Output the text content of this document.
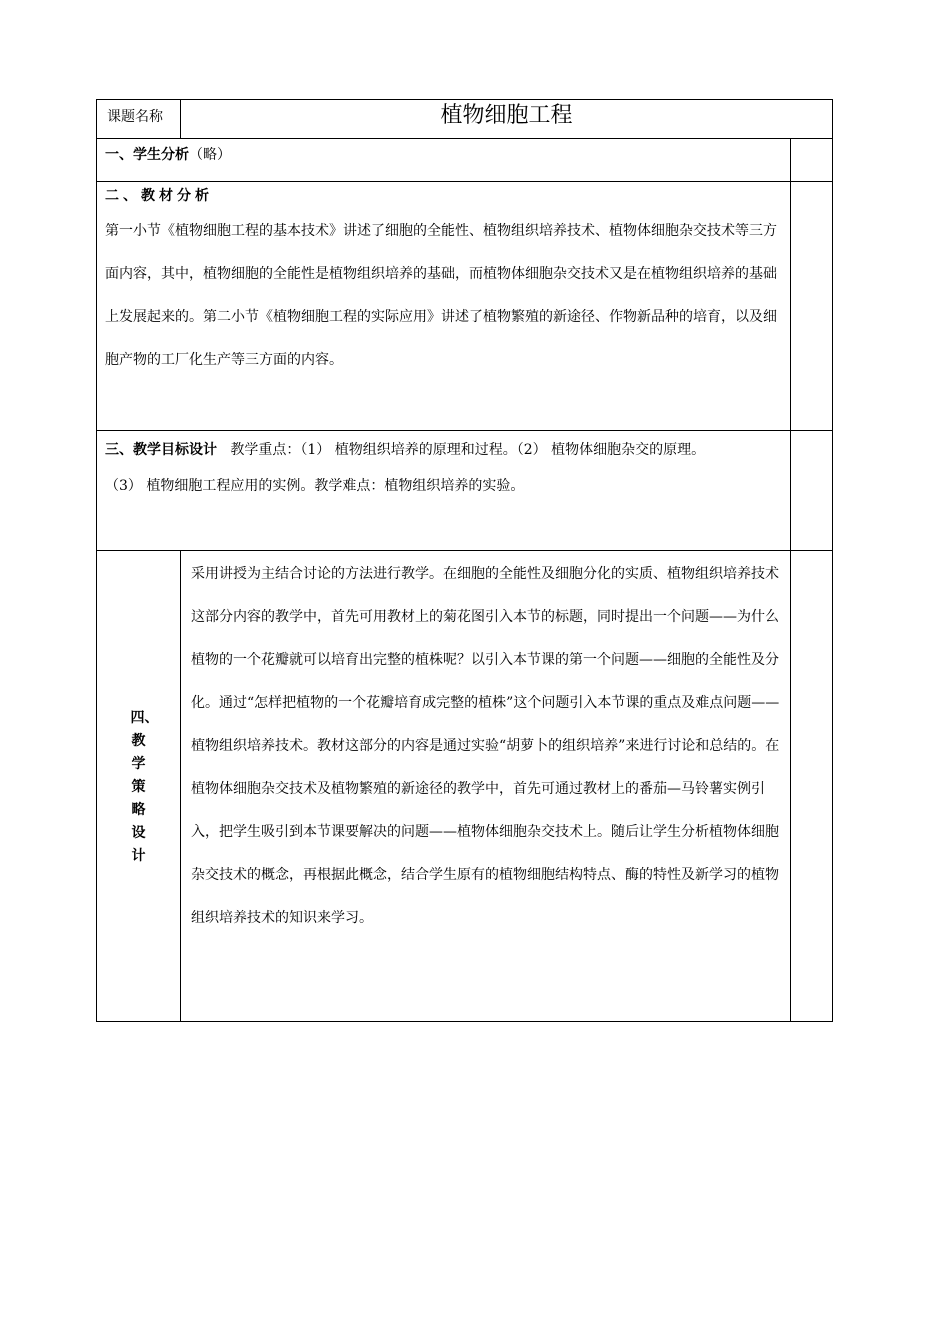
课题名称	植物细胞工程	
一、学生分析（略）		

二、教材分析
第一小节《植物细胞工程的基本技术》讲述了细胞的全能性、植物组织培养技术、植物体细胞杂交技术等三方面内容，其中，植物细胞的全能性是植物组织培养的基础，而植物体细胞杂交技术又是在植物组织培养的基础上发展起来的。第二小节《植物细胞工程的实际应用》讲述了植物繁殖的新途径、作物新品种的培育，以及细胞产物的工厂化生产等三方面的内容。		
三、教学目标设计 教学重点：（1） 植物组织培养的原理和过程。（2） 植物体细胞杂交的原理。
（3） 植物细胞工程应用的实例。教学难点：植物组织培养的实验。		

四、教学策略设计	采用讲授为主结合讨论的方法进行教学。在细胞的全能性及细胞分化的实质、植物组织培养技术这部分内容的教学中，首先可用教材上的菊花图引入本节的标题，同时提出一个问题——为什么植物的一个花瓣就可以培育出完整的植株呢？以引入本节课的第一个问题——细胞的全能性及分化。通过“怎样把植物的一个花瓣培育成完整的植株”这个问题引入本节课的重点及难点问题——植物组织培养技术。教材这部分的内容是通过实验“胡萝卜的组织培养”来进行讨论和总结的。在植物体细胞杂交技术及植物繁殖的新途径的教学中，首先可通过教材上的番茄—马铃薯实例引入，把学生吸引到本节课要解决的问题——植物体细胞杂交技术上。随后让学生分析植物体细胞杂交技术的概念，再根据此概念，结合学生原有的植物细胞结构特点、酶的特性及新学习的植物组织培养技术的知识来学习。	
